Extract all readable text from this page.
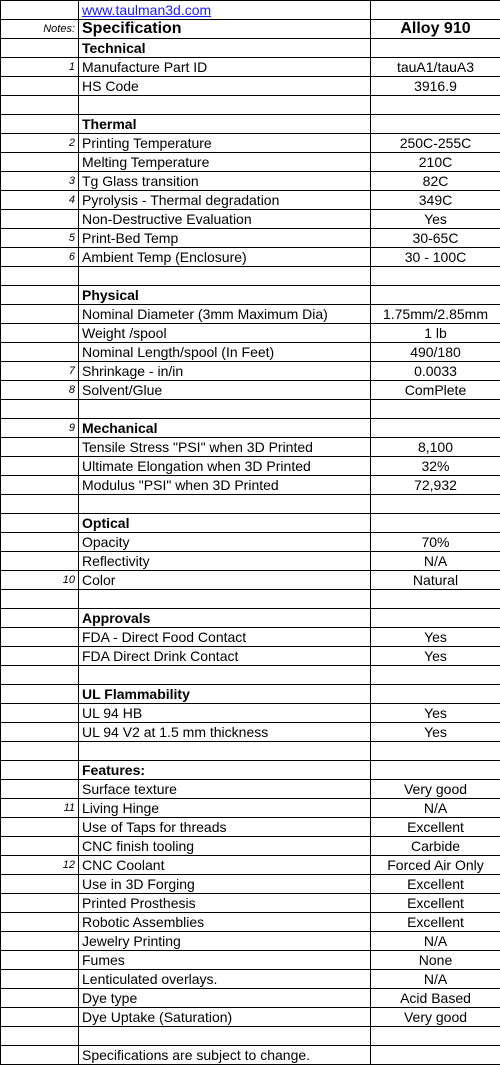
	www.taulman3d.com	
Notes:	Specification	Alloy 910
	Technical	
1	Manufacture Part ID	tauA1/tauA3
	HS Code	3916.9

	Thermal	
2	Printing Temperature	250C-255C
	Melting Temperature	210C
3	Tg Glass transition	82C
4	Pyrolysis - Thermal degradation	349C
	Non-Destructive Evaluation	Yes
5	Print-Bed Temp	30-65C
6	Ambient Temp (Enclosure)	30 - 100C

	Physical	
	Nominal Diameter (3mm Maximum Dia)	1.75mm/2.85mm
	Weight /spool	1 lb
	Nominal Length/spool (In Feet)	490/180
7	Shrinkage - in/in	0.0033
8	Solvent/Glue	ComPlete

9	Mechanical	
	Tensile Stress "PSI" when 3D Printed	8,100
	Ultimate Elongation when 3D Printed	32%
	Modulus "PSI" when 3D Printed	72,932

	Optical	
	Opacity	70%
	Reflectivity	N/A
10	Color	Natural

	Approvals	
	FDA - Direct Food Contact	Yes
	FDA Direct Drink Contact	Yes

	UL Flammability	
	UL 94 HB	Yes
	UL 94 V2 at 1.5 mm thickness	Yes

	Features:	
	Surface texture	Very good
11	Living Hinge	N/A
	Use of Taps for threads	Excellent
	CNC finish tooling	Carbide
12	CNC Coolant	Forced Air Only
	Use in 3D Forging	Excellent
	Printed Prosthesis	Excellent
	Robotic Assemblies	Excellent
	Jewelry Printing	N/A
	Fumes	None
	Lenticulated overlays.	N/A
	Dye type	Acid Based
	Dye Uptake (Saturation)	Very good

	Specifications are subject to change.	
